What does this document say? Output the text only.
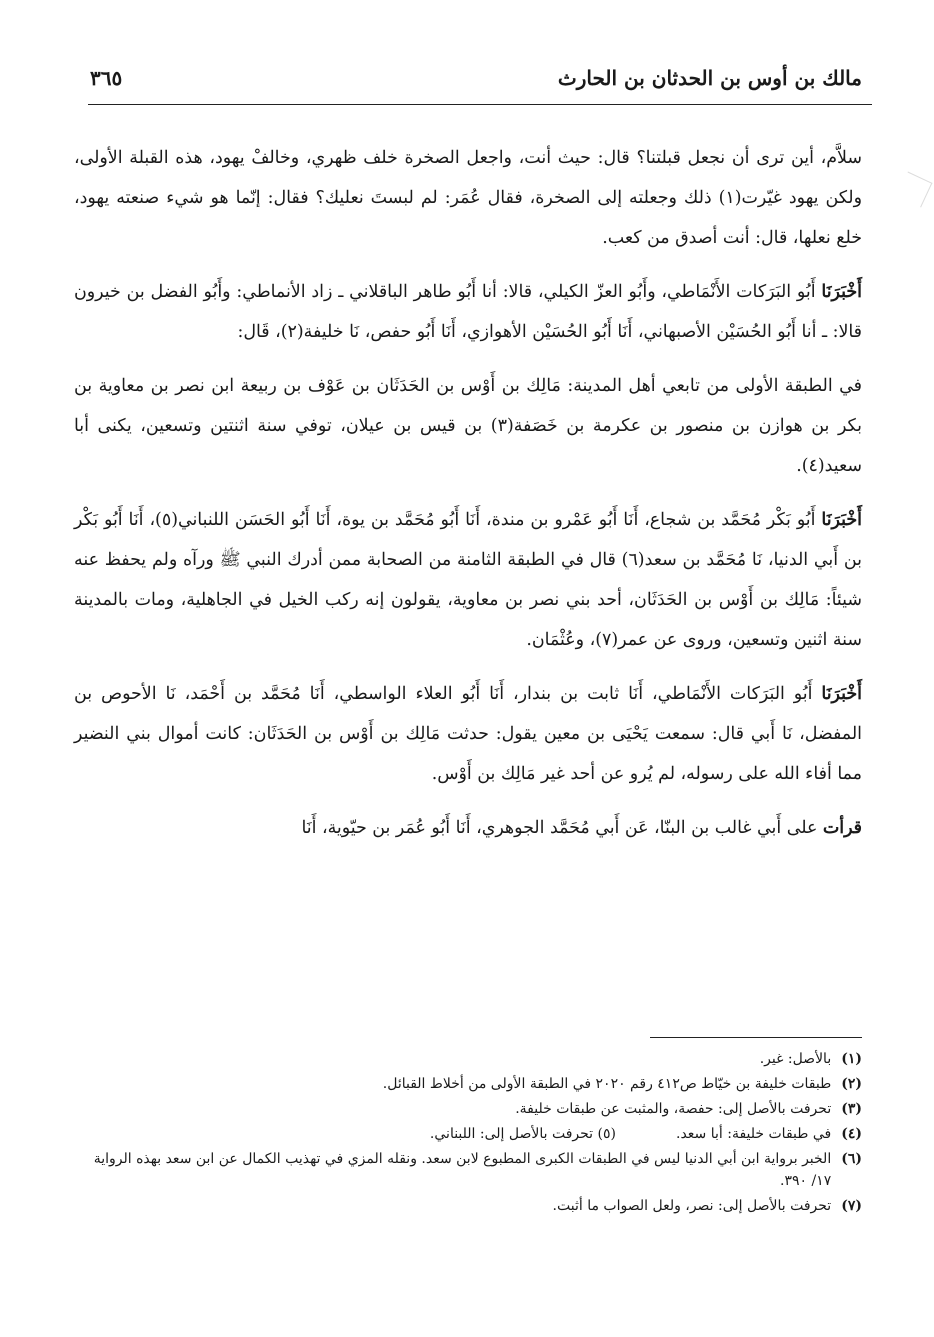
مالك بن أوس بن الحدثان بن الحارث
٣٦٥

سلاَّم، أين ترى أن نجعل قبلتنا؟ قال: حيث أنت، واجعل الصخرة خلف ظهري، وخالفْ يهود، هذه القبلة الأولى، ولكن يهود غيّرت(١) ذلك وجعلته إلى الصخرة، فقال عُمَر: لم لبستَ نعليك؟ فقال: إنّما هو شيء صنعته يهود، خلع نعلها، قال: أنت أصدق من كعب.

أَخْبَرَنَا أَبُو البَرَكات الأَنْمَاطي، وأَبُو العزّ الكيلي، قالا: أنا أَبُو طاهر الباقلاني ـ زاد الأنماطي: وأَبُو الفضل بن خيرون قالا: ـ أنا أَبُو الحُسَيْن الأصبهاني، أَنَا أَبُو الحُسَيْن الأهوازي، أَنَا أَبُو حفص، نَا خليفة(٢)، قَال:

في الطبقة الأولى من تابعي أهل المدينة: مَالِك بن أَوْس بن الحَدَثَان بن عَوْف بن ربيعة ابن نصر بن معاوية بن بكر بن هوازن بن منصور بن عكرمة بن خَصَفة(٣) بن قيس بن عيلان، توفي سنة اثنتين وتسعين، يكنى أبا سعيد(٤).

أَخْبَرَنَا أَبُو بَكْر مُحَمَّد بن شجاع، أَنَا أَبُو عَمْرو بن مندة، أَنَا أَبُو مُحَمَّد بن يوة، أَنَا أَبُو الحَسَن اللنباني(٥)، أَنَا أَبُو بَكْر بن أَبي الدنيا، نَا مُحَمَّد بن سعد(٦) قال في الطبقة الثامنة من الصحابة ممن أدرك النبي ﷺ ورآه ولم يحفظ عنه شيئاً: مَالِك بن أَوْس بن الحَدَثَان، أحد بني نصر بن معاوية، يقولون إنه ركب الخيل في الجاهلية، ومات بالمدينة سنة اثنين وتسعين، وروى عن عمر(٧)، وعُثْمَان.

أَخْبَرَنَا أَبُو البَرَكات الأَنْمَاطي، أَنَا ثابت بن بندار، أَنَا أَبُو العلاء الواسطي، أَنَا مُحَمَّد بن أَحْمَد، نَا الأحوص بن المفضل، نَا أَبي قال: سمعت يَحْيَى بن معين يقول: حدثت مَالِك بن أَوْس بن الحَدَثَان: كانت أموال بني النضير مما أفاء الله على رسوله، لم يُرو عن أحد غير مَالِك بن أَوْس.

قرأت على أَبي غالب بن البنّا، عَن أَبي مُحَمَّد الجوهري، أَنَا أَبُو عُمَر بن حيّوية، أَنَا

(١)
بالأصل: غير.
(٢)
طبقات خليفة بن خيّاط ص٤١٢ رقم ٢٠٢٠ في الطبقة الأولى من أخلاط القبائل.
(٣)
تحرفت بالأصل إلى: حفصة، والمثبت عن طبقات خليفة.
(٤)
في طبقات خليفة: أبا سعد.
(٥) تحرفت بالأصل إلى: اللبناني.
(٦)
الخبر برواية ابن أبي الدنيا ليس في الطبقات الكبرى المطبوع لابن سعد. ونقله المزي في تهذيب الكمال عن ابن سعد بهذه الرواية ١٧/ ٣٩٠.
(٧)
تحرفت بالأصل إلى: نصر، ولعل الصواب ما أثبت.
